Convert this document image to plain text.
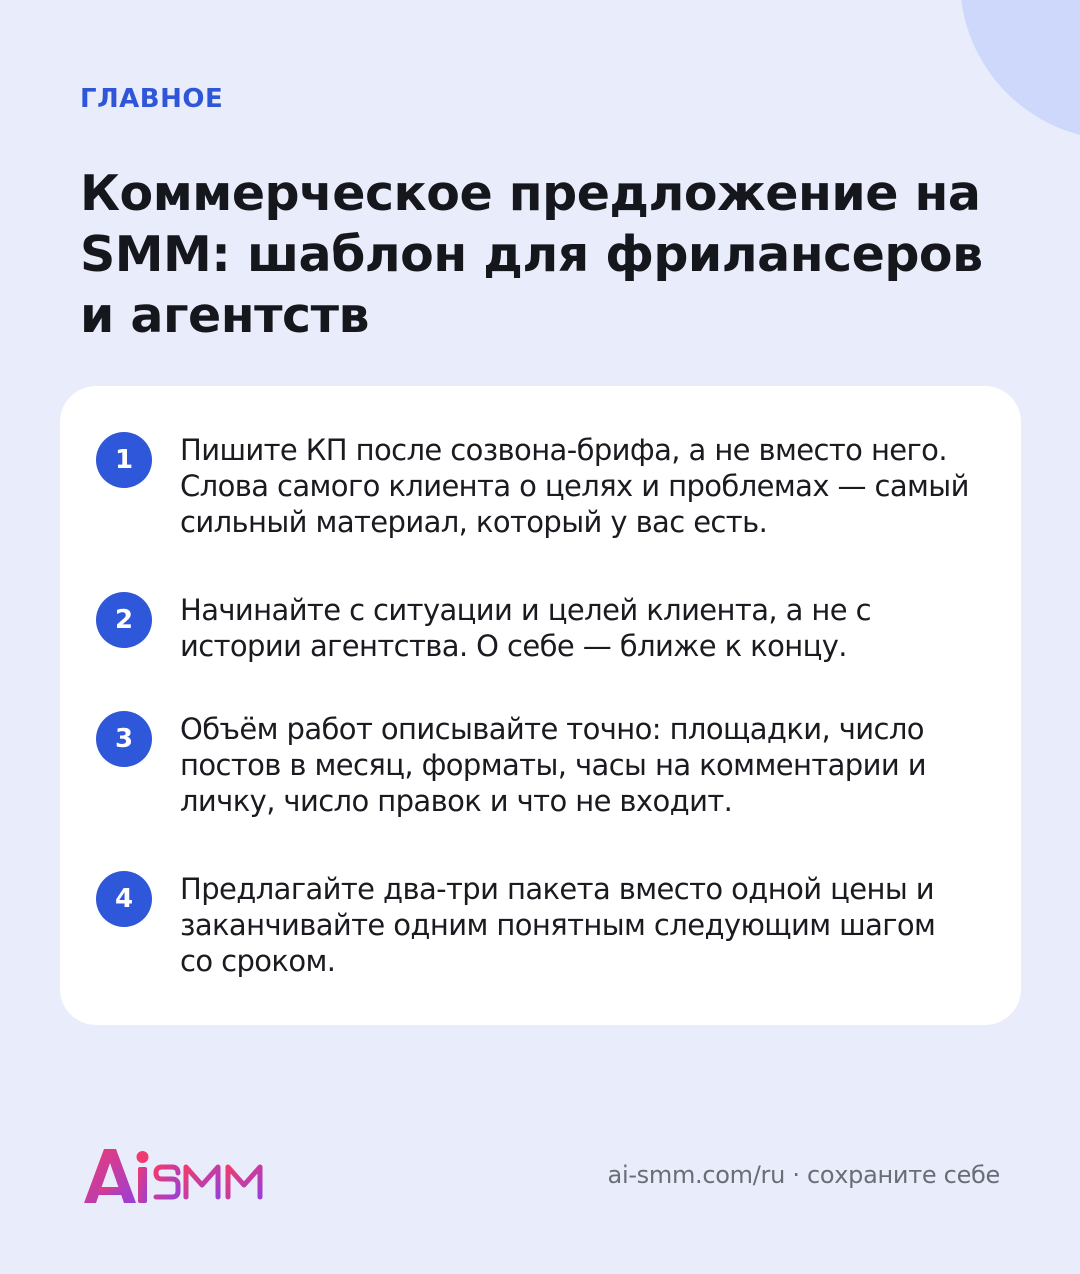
ГЛАВНОЕ
Коммерческое предложение на SMM: шаблон для фрилансеров и агентств
1	Пишите КП после созвона-брифа, а не вместо него. Слова самого клиента о целях и проблемах — самый сильный материал, который у вас есть.
2	Начинайте с ситуации и целей клиента, а не с истории агентства. О себе — ближе к концу.
3	Объём работ описывайте точно: площадки, число постов в месяц, форматы, часы на комментарии и личку, число правок и что не входит.
4	Предлагайте два-три пакета вместо одной цены и заканчивайте одним понятным следующим шагом со сроком.
ai-smm.com/ru · сохраните себе
